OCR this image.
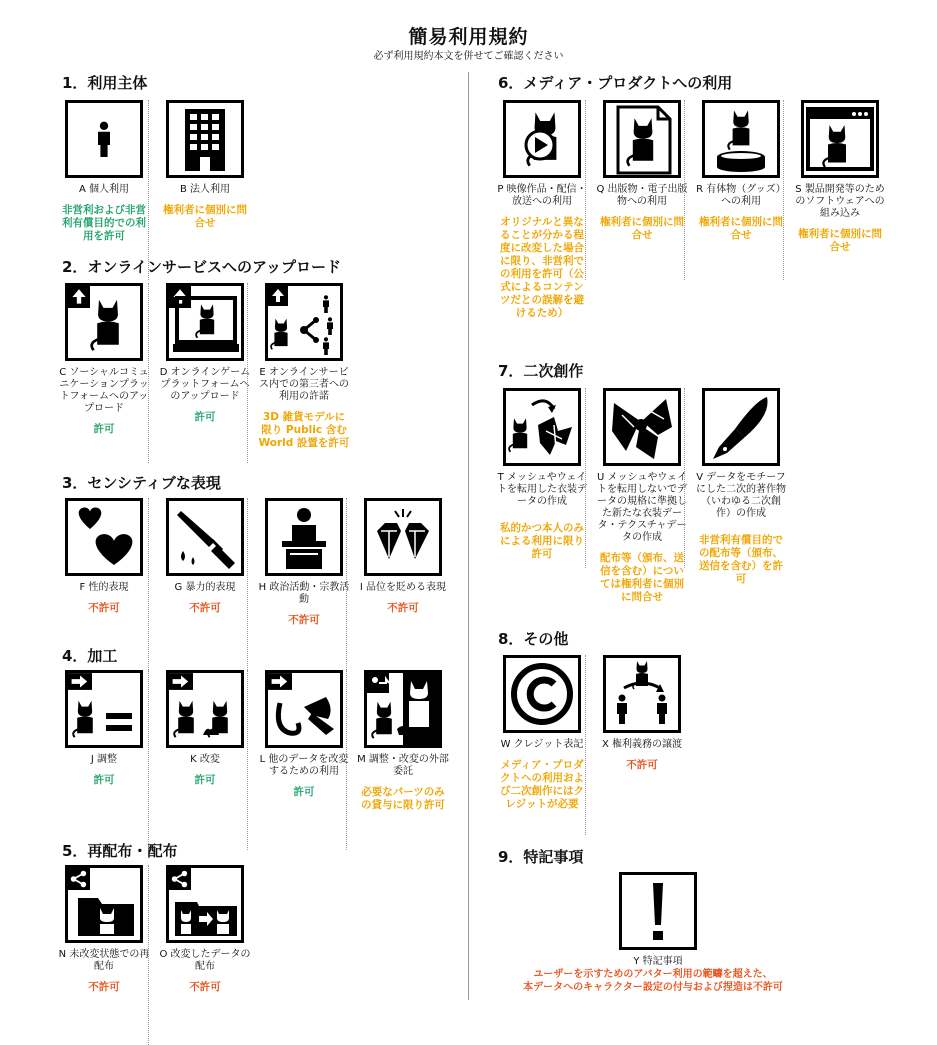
簡易利用規約
必ず利用規約本文を併せてご確認ください
1．利用主体
2．オンラインサービスへのアップロード
3．センシティブな表現
4．加工
5．再配布・配布
6．メディア・プロダクトへの利用
7．二次創作
8．その他
9．特記事項
A 個人利用
非営利および非営利有償目的での利用を許可
B 法人利用
権利者に個別に問合せ
C ソーシャルコミュニケーションプラットフォームへのアップロード
許可
D オンラインゲームプラットフォームへのアップロード
許可
E オンラインサービス内での第三者への利用の許諾
3D 雑貨モデルに限り Public 含む World 設置を許可
F 性的表現
不許可
G 暴力的表現
不許可
H 政治活動・宗教活動
不許可
I 品位を貶める表現
不許可
J 調整
許可
K 改変
許可
L 他のデータを改変するための利用
許可
M 調整・改変の外部委託
必要なパーツのみの貸与に限り許可
N 未改変状態での再配布
不許可
O 改変したデータの配布
不許可
P 映像作品・配信・放送への利用
オリジナルと異なることが分かる程度に改変した場合に限り、非営利での利用を許可（公式によるコンテンツだとの誤解を避けるため）
Q 出版物・電子出版物への利用
権利者に個別に問合せ
R 有体物（グッズ）への利用
権利者に個別に問合せ
S 製品開発等のためのソフトウェアへの組み込み
権利者に個別に問合せ
T メッシュやウェイトを転用した衣装データの作成
私的かつ本人のみによる利用に限り許可
U メッシュやウェイトを転用しないでデータの規格に準拠した新たな衣装データ・テクスチャデータの作成
配布等（頒布、送信を含む）については権利者に個別に問合せ
V データをモチーフにした二次的著作物（いわゆる二次創作）の作成
非営利有償目的での配布等（頒布、送信を含む）を許可
W クレジット表記
メディア・プロダクトへの利用および二次創作にはクレジットが必要
X 権利義務の譲渡
不許可
Y 特記事項
ユーザーを示すためのアバター利用の範疇を超えた、
本データへのキャラクター設定の付与および捏造は不許可
